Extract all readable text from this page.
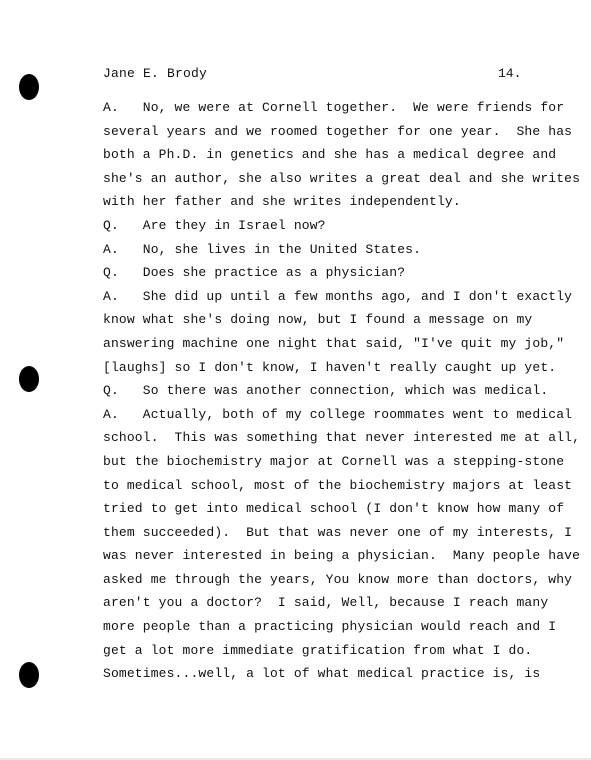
Jane E. Brody	14.
A.   No, we were at Cornell together.  We were friends for
several years and we roomed together for one year.  She has
both a Ph.D. in genetics and she has a medical degree and
she's an author, she also writes a great deal and she writes
with her father and she writes independently.
Q.   Are they in Israel now?
A.   No, she lives in the United States.
Q.   Does she practice as a physician?
A.   She did up until a few months ago, and I don't exactly
know what she's doing now, but I found a message on my
answering machine one night that said, "I've quit my job,"
[laughs] so I don't know, I haven't really caught up yet.
Q.   So there was another connection, which was medical.
A.   Actually, both of my college roommates went to medical
school.  This was something that never interested me at all,
but the biochemistry major at Cornell was a stepping-stone
to medical school, most of the biochemistry majors at least
tried to get into medical school (I don't know how many of
them succeeded).  But that was never one of my interests, I
was never interested in being a physician.  Many people have
asked me through the years, You know more than doctors, why
aren't you a doctor?  I said, Well, because I reach many
more people than a practicing physician would reach and I
get a lot more immediate gratification from what I do.
Sometimes...well, a lot of what medical practice is, is
